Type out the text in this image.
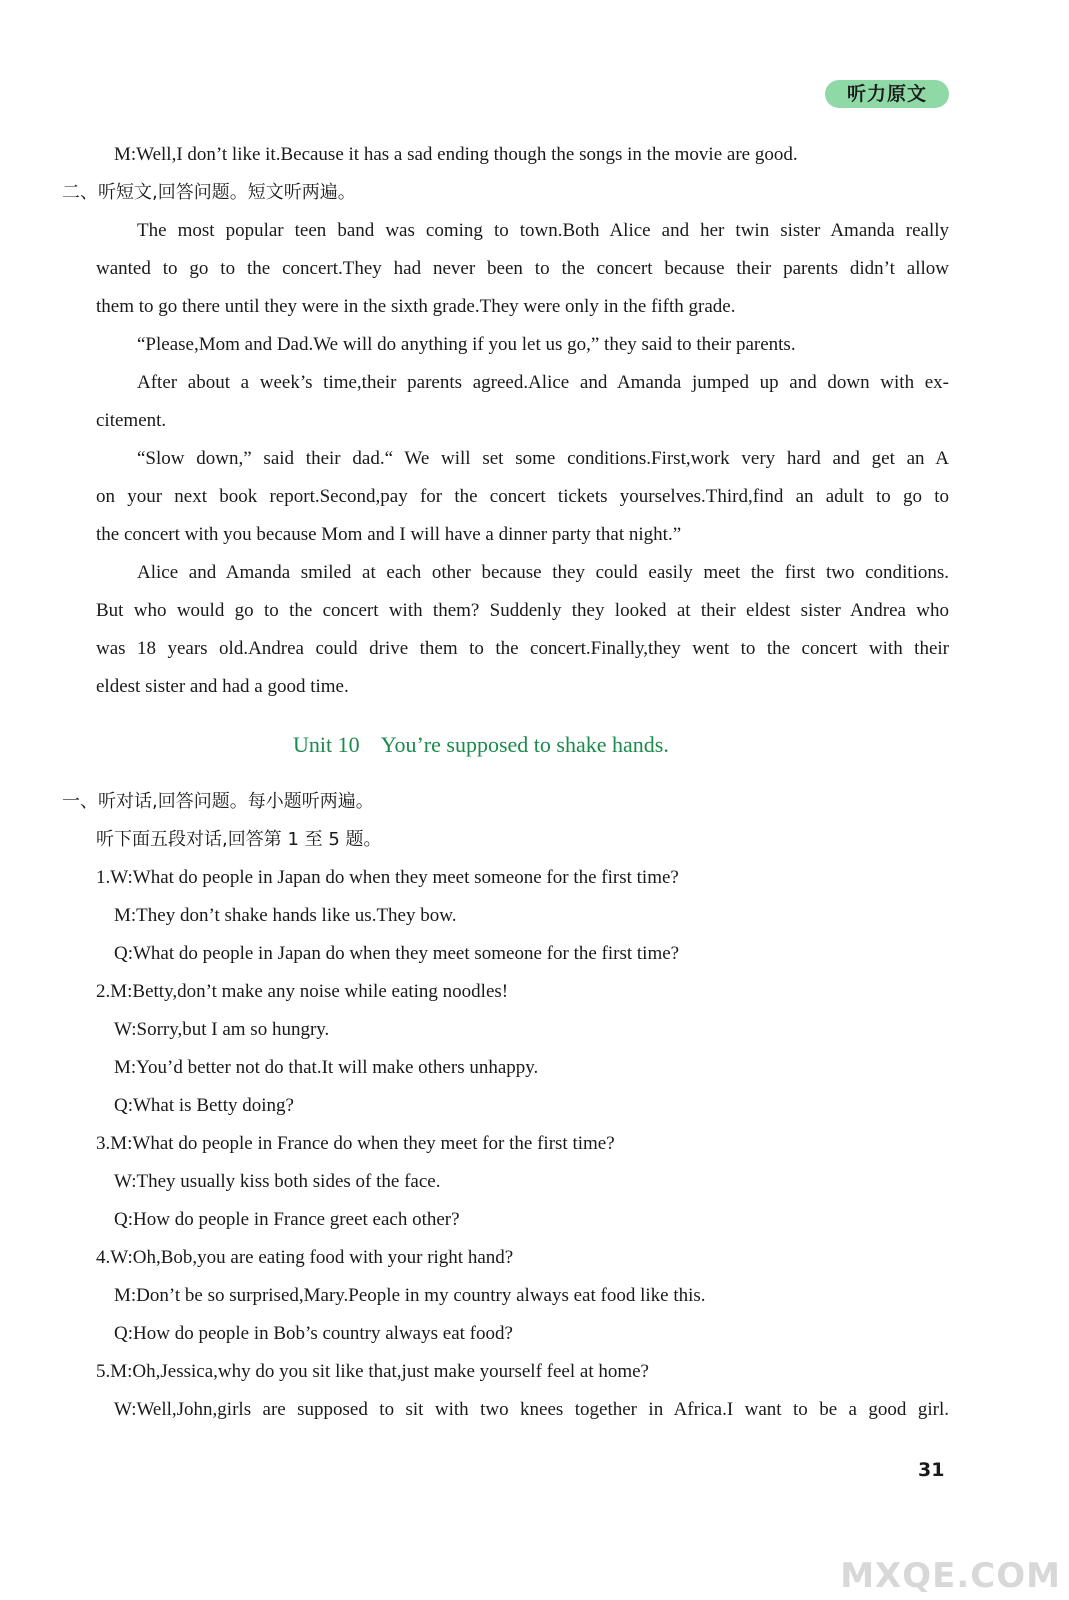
听力原文
M:Well,I don’t like it.Because it has a sad ending though the songs in the movie are good.
二、听短文,回答问题。短文听两遍。
The most popular teen band was coming to town.Both Alice and her twin sister Amanda really
wanted to go to the concert.They had never been to the concert because their parents didn’t allow
them to go there until they were in the sixth grade.They were only in the fifth grade.
“Please,Mom and Dad.We will do anything if you let us go,” they said to their parents.
After about a week’s time,their parents agreed.Alice and Amanda jumped up and down with ex-
citement.
“Slow down,” said their dad.“ We will set some conditions.First,work very hard and get an A
on your next book report.Second,pay for the concert tickets yourselves.Third,find an adult to go to
the concert with you because Mom and I will have a dinner party that night.”
Alice and Amanda smiled at each other because they could easily meet the first two conditions.
But who would go to the concert with them? Suddenly they looked at their eldest sister Andrea who
was 18 years old.Andrea could drive them to the concert.Finally,they went to the concert with their
eldest sister and had a good time.
Unit 10    You’re supposed to shake hands.
一、听对话,回答问题。每小题听两遍。
听下面五段对话,回答第 1 至 5 题。
1.W:What do people in Japan do when they meet someone for the first time?
M:They don’t shake hands like us.They bow.
Q:What do people in Japan do when they meet someone for the first time?
2.M:Betty,don’t make any noise while eating noodles!
W:Sorry,but I am so hungry.
M:You’d better not do that.It will make others unhappy.
Q:What is Betty doing?
3.M:What do people in France do when they meet for the first time?
W:They usually kiss both sides of the face.
Q:How do people in France greet each other?
4.W:Oh,Bob,you are eating food with your right hand?
M:Don’t be so surprised,Mary.People in my country always eat food like this.
Q:How do people in Bob’s country always eat food?
5.M:Oh,Jessica,why do you sit like that,just make yourself feel at home?
W:Well,John,girls are supposed to sit with two knees together in Africa.I want to be a good girl.
31
MXQE.COM
